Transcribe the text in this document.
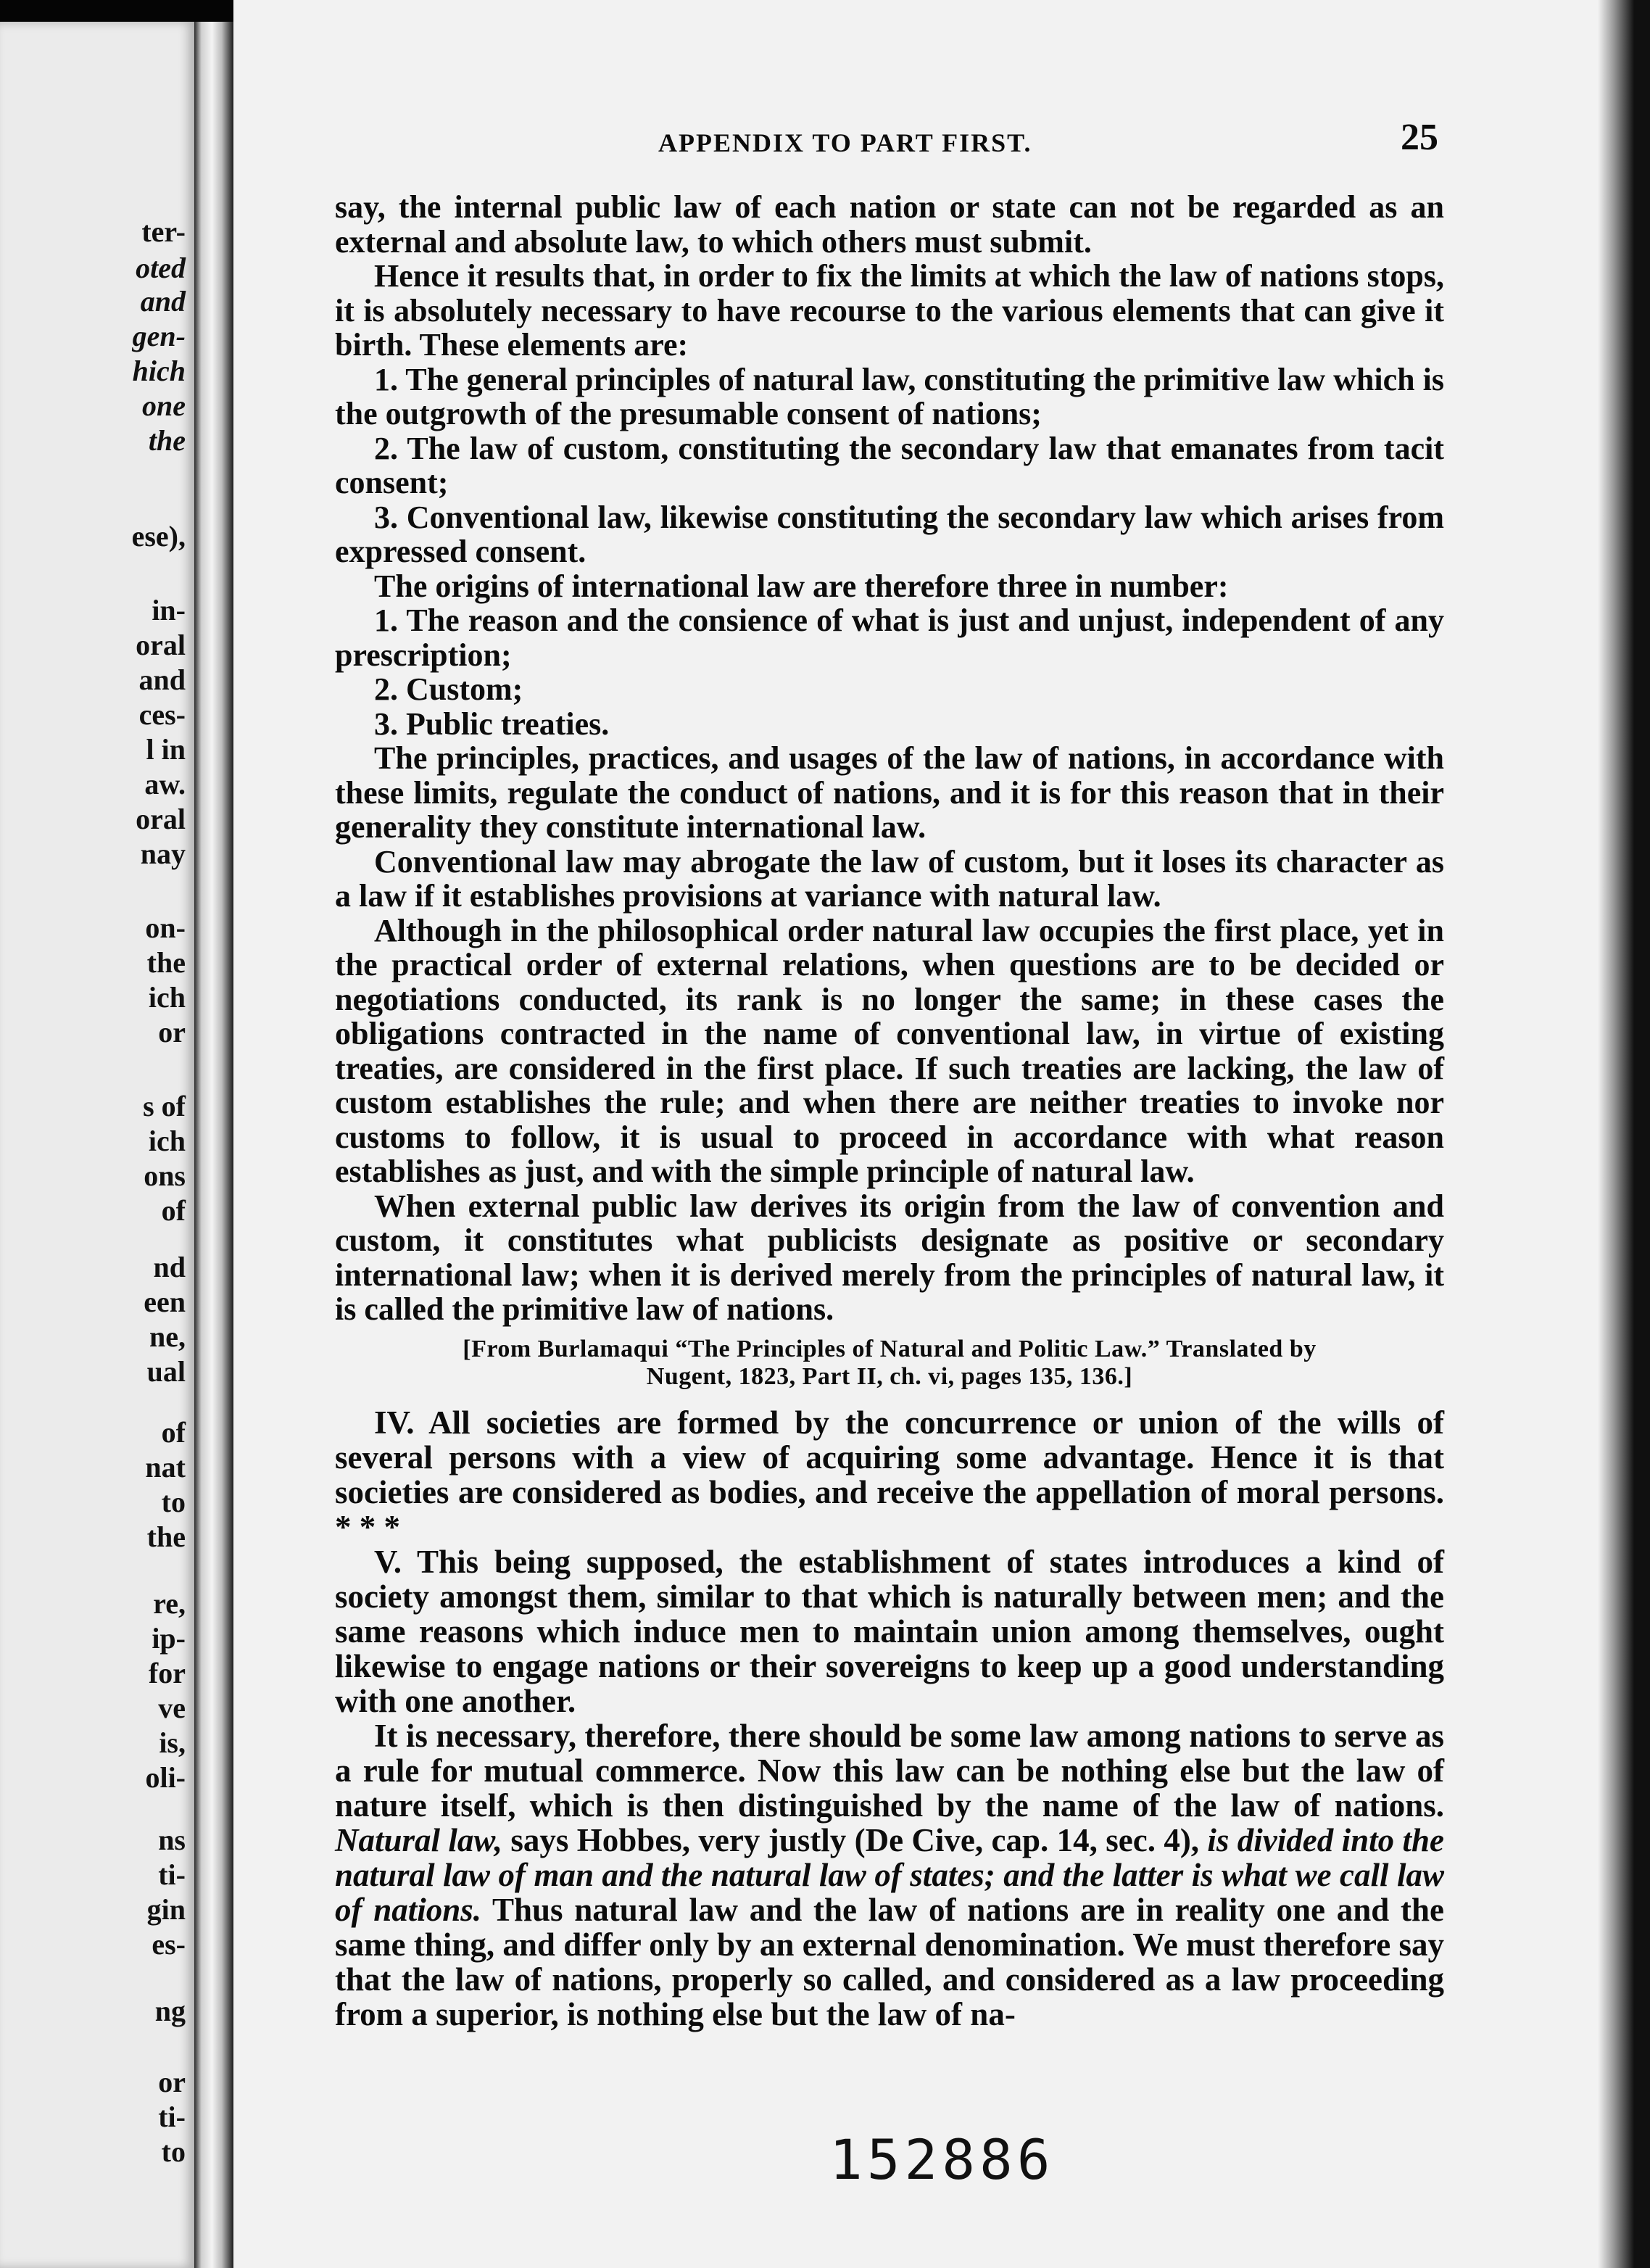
ter-
oted
and
gen-
hich
one
the
ese),
in-
oral
and
ces-
l in
aw.
oral
nay
on-
the
ich
or
s of
ich
ons
of
nd
een
ne,
ual
of
nat
to
the
re,
ip-
for
ve
is,
oli-
ns
ti-
gin
es-
ng
or
ti-
to
APPENDIX TO PART FIRST.	25

say, the internal public law of each nation or state can not be regarded as an external and absolute law, to which others must submit.

Hence it results that, in order to fix the limits at which the law of nations stops, it is absolutely necessary to have recourse to the various elements that can give it birth. These elements are:

1. The general principles of natural law, constituting the primitive law which is the outgrowth of the presumable consent of nations;

2. The law of custom, constituting the secondary law that emanates from tacit consent;

3. Conventional law, likewise constituting the secondary law which arises from expressed consent.

The origins of international law are therefore three in number:

1. The reason and the consience of what is just and unjust, independent of any prescription;

2. Custom;

3. Public treaties.

The principles, practices, and usages of the law of nations, in accordance with these limits, regulate the conduct of nations, and it is for this reason that in their generality they constitute international law.

Conventional law may abrogate the law of custom, but it loses its character as a law if it establishes provisions at variance with natural law.

Although in the philosophical order natural law occupies the first place, yet in the practical order of external relations, when questions are to be decided or negotiations conducted, its rank is no longer the same; in these cases the obligations contracted in the name of conventional law, in virtue of existing treaties, are considered in the first place. If such treaties are lacking, the law of custom establishes the rule; and when there are neither treaties to invoke nor customs to follow, it is usual to proceed in accordance with what reason establishes as just, and with the simple principle of natural law.

When external public law derives its origin from the law of convention and custom, it constitutes what publicists designate as positive or secondary international law; when it is derived merely from the principles of natural law, it is called the primitive law of nations.

[From Burlamaqui “The Principles of Natural and Politic Law.” Translated by
Nugent, 1823, Part II, ch. vi, pages 135, 136.]

IV. All societies are formed by the concurrence or union of the wills of several persons with a view of acquiring some advantage. Hence it is that societies are considered as bodies, and receive the appellation of moral persons. * * *

V. This being supposed, the establishment of states introduces a kind of society amongst them, similar to that which is naturally between men; and the same reasons which induce men to maintain union among themselves, ought likewise to engage nations or their sovereigns to keep up a good understanding with one another.

It is necessary, therefore, there should be some law among nations to serve as a rule for mutual commerce. Now this law can be nothing else but the law of nature itself, which is then distinguished by the name of the law of nations. Natural law, says Hobbes, very justly (De Cive, cap. 14, sec. 4), is divided into the natural law of man and the natural law of states; and the latter is what we call law of nations. Thus natural law and the law of nations are in reality one and the same thing, and differ only by an external denomination. We must therefore say that the law of nations, properly so called, and considered as a law proceeding from a superior, is nothing else but the law of na-

152886
